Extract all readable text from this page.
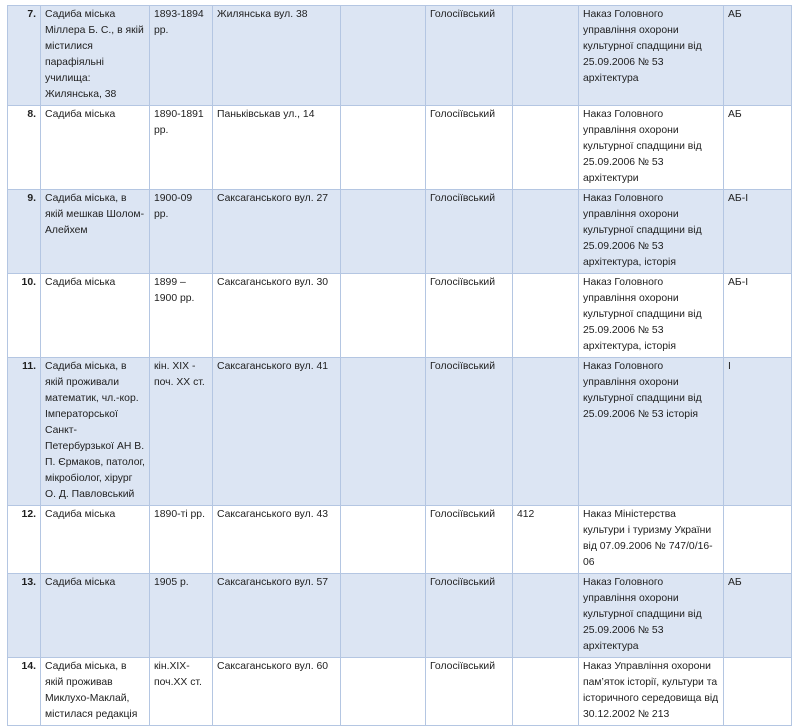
7.	Садиба міська Міллера Б. С., в якій містилися парафіяльні училища: Жилянська, 38	1893-1894 рр.	Жилянська вул. 38		Голосіївський		Наказ Головного управління охорони культурної спадщини від 25.09.2006 № 53 архітектура	АБ
8.	Садиба міська	1890-1891 рр.	Паньківськав ул., 14		Голосіївський		Наказ Головного управління охорони культурної спадщини від 25.09.2006 № 53 архітектури	АБ
9.	Садиба міська, в якій мешкав Шолом-Алейхем	1900-09 рр.	Саксаганського вул. 27		Голосіївський		Наказ Головного управління охорони культурної спадщини від 25.09.2006 № 53 архітектура, історія	АБ-І
10.	Садиба міська	1899 – 1900 рр.	Саксаганського вул. 30		Голосіївський		Наказ Головного управління охорони культурної спадщини від 25.09.2006 № 53 архітектура, історія	АБ-І
11.	Садиба міська, в якій проживали математик, чл.-кор. Імператорської Санкт-Петербурзької АН В. П. Єрмаков, патолог, мікробіолог, хірург О. Д. Павловський	кін. ХІХ - поч. ХХ ст.	Саксаганського вул. 41		Голосіївський		Наказ Головного управління охорони культурної спадщини від 25.09.2006 № 53 історія	І
12.	Садиба міська	1890-ті рр.	Саксаганського вул. 43		Голосіївський	412	Наказ Міністерства культури і туризму України від 07.09.2006 № 747/0/16-06	
13.	Садиба міська	1905 р.	Саксаганського вул. 57		Голосіївський		Наказ Головного управління охорони культурної спадщини від 25.09.2006 № 53 архітектура	АБ
14.	Садиба міська, в якій проживав Миклухо-Маклай, містилася редакція	кін.ХІХ-поч.ХХ ст.	Саксаганського вул. 60		Голосіївський		Наказ Управління охорони пам’яток історії, культури та історичного середовища від 30.12.2002 № 213	
